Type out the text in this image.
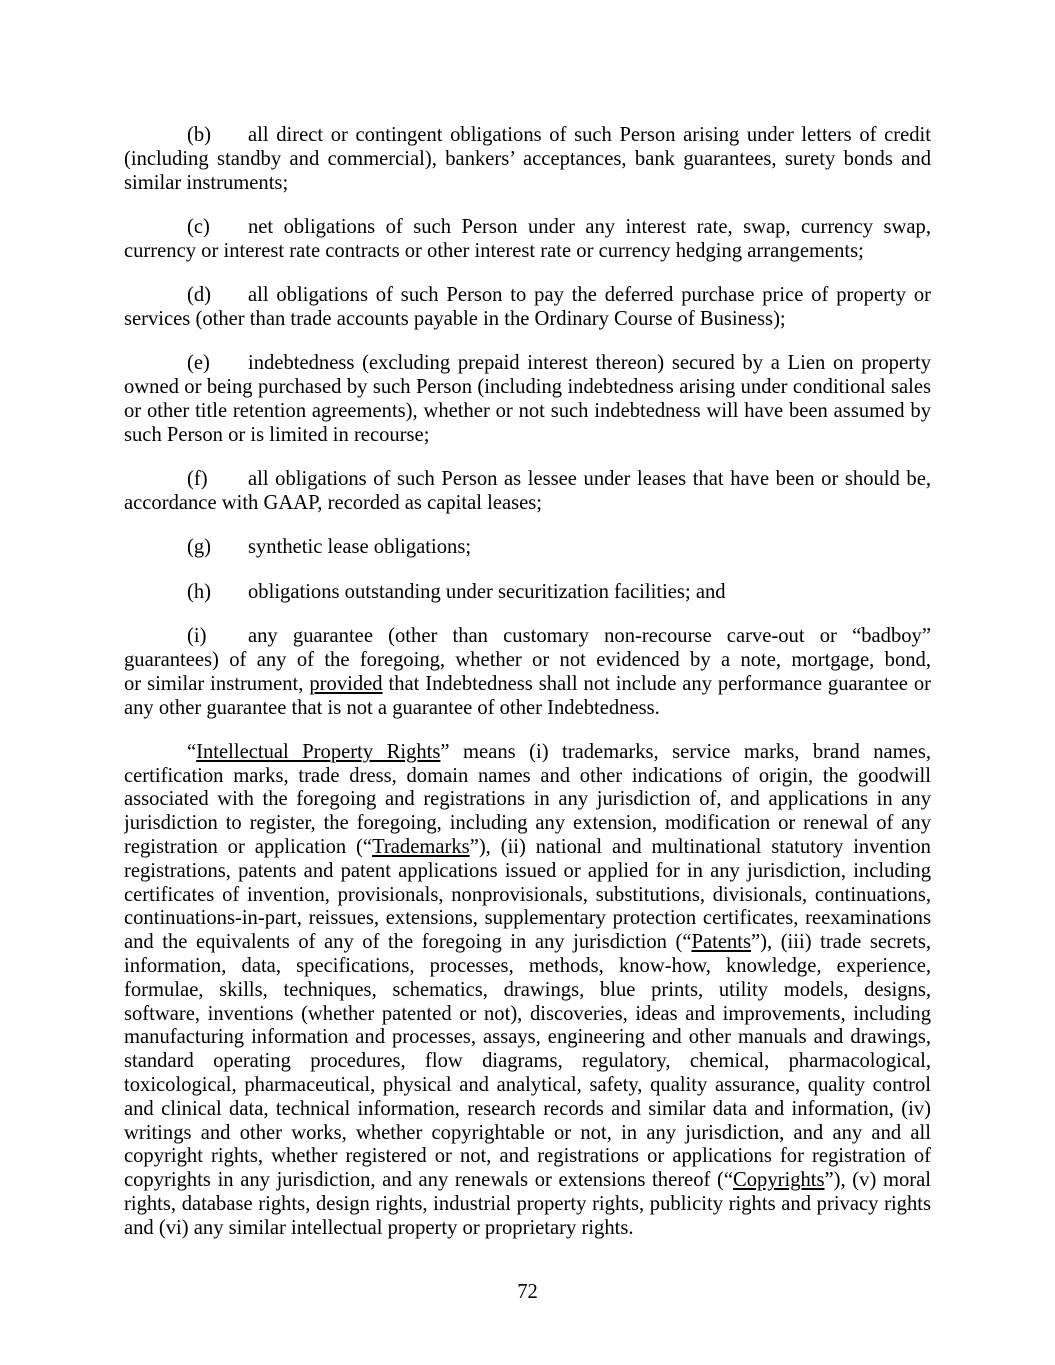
(b)	all direct or contingent obligations of such Person arising under letters of credit
(including standby and commercial), bankers’ acceptances, bank guarantees, surety bonds and
similar instruments;
(c)	net obligations of such Person under any interest rate, swap, currency swap,
currency or interest rate contracts or other interest rate or currency hedging arrangements;
(d)	all obligations of such Person to pay the deferred purchase price of property or
services (other than trade accounts payable in the Ordinary Course of Business);
(e)	indebtedness (excluding prepaid interest thereon) secured by a Lien on property
owned or being purchased by such Person (including indebtedness arising under conditional sales
or other title retention agreements), whether or not such indebtedness will have been assumed by
such Person or is limited in recourse;
(f)	all obligations of such Person as lessee under leases that have been or should be,
accordance with GAAP, recorded as capital leases;
(g)	synthetic lease obligations;
(h)	obligations outstanding under securitization facilities; and
(i)	any guarantee (other than customary non-recourse carve-out or “badboy”
guarantees) of any of the foregoing, whether or not evidenced by a note, mortgage, bond,
or similar instrument, provided that Indebtedness shall not include any performance guarantee or
any other guarantee that is not a guarantee of other Indebtedness.
“Intellectual Property Rights” means (i) trademarks, service marks, brand names,
certification marks, trade dress, domain names and other indications of origin, the goodwill
associated with the foregoing and registrations in any jurisdiction of, and applications in any
jurisdiction to register, the foregoing, including any extension, modification or renewal of any
registration or application (“Trademarks”), (ii) national and multinational statutory invention
registrations, patents and patent applications issued or applied for in any jurisdiction, including
certificates of invention, provisionals, nonprovisionals, substitutions, divisionals, continuations,
continuations-in-part, reissues, extensions, supplementary protection certificates, reexaminations
and the equivalents of any of the foregoing in any jurisdiction (“Patents”), (iii) trade secrets,
information, data, specifications, processes, methods, know-how, knowledge, experience,
formulae, skills, techniques, schematics, drawings, blue prints, utility models, designs,
software, inventions (whether patented or not), discoveries, ideas and improvements, including
manufacturing information and processes, assays, engineering and other manuals and drawings,
standard operating procedures, flow diagrams, regulatory, chemical, pharmacological,
toxicological, pharmaceutical, physical and analytical, safety, quality assurance, quality control
and clinical data, technical information, research records and similar data and information, (iv)
writings and other works, whether copyrightable or not, in any jurisdiction, and any and all
copyright rights, whether registered or not, and registrations or applications for registration of
copyrights in any jurisdiction, and any renewals or extensions thereof (“Copyrights”), (v) moral
rights, database rights, design rights, industrial property rights, publicity rights and privacy rights
and (vi) any similar intellectual property or proprietary rights.
72
